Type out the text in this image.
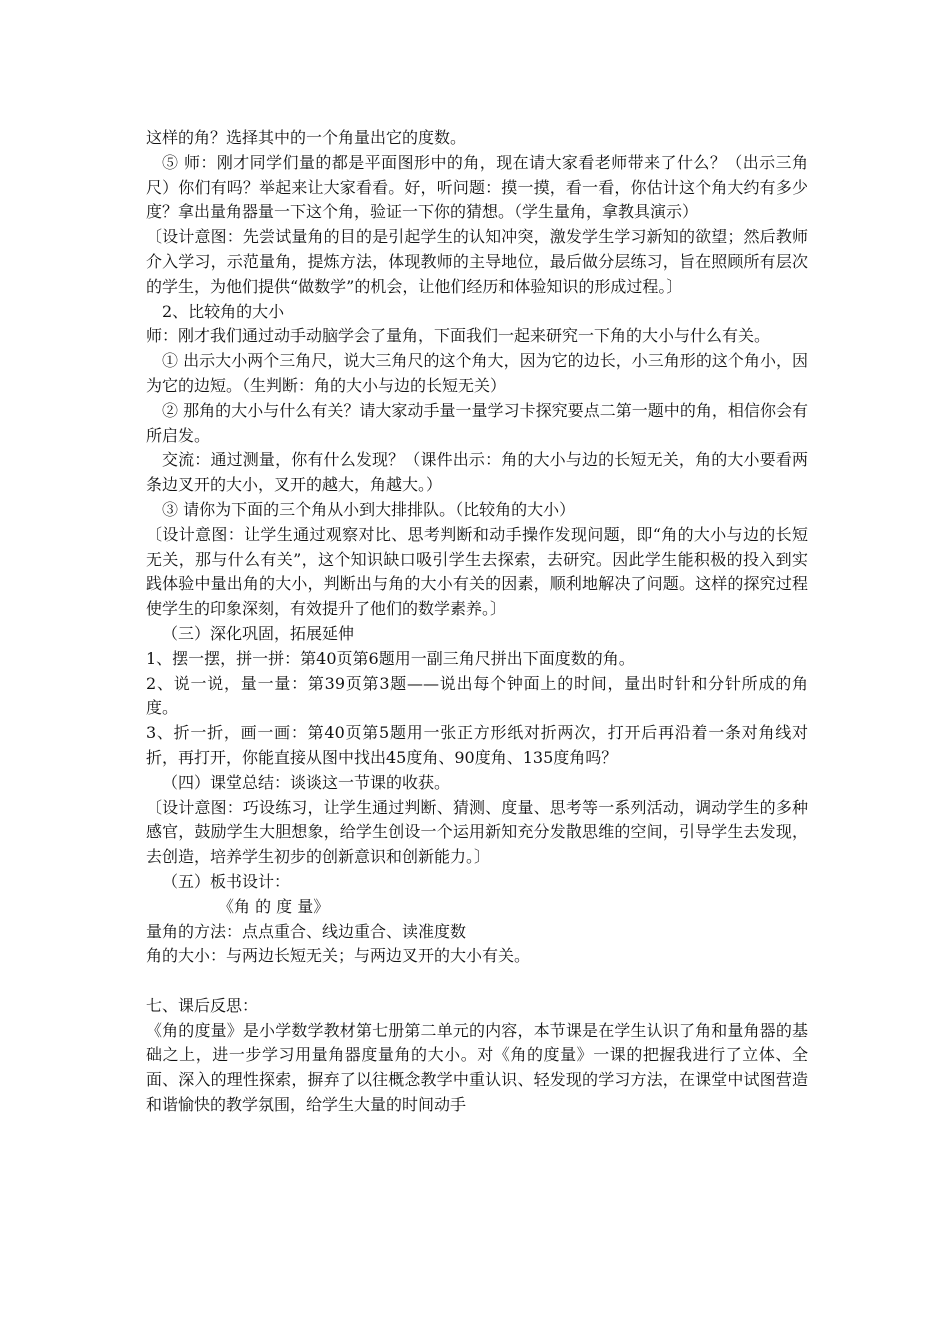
这样的角？选择其中的一个角量出它的度数。

⑤ 师：刚才同学们量的都是平面图形中的角，现在请大家看老师带来了什么？（出示三角尺）你们有吗？举起来让大家看看。好，听问题：摸一摸，看一看，你估计这个角大约有多少度？拿出量角器量一下这个角，验证一下你的猜想。（学生量角，拿教具演示）

〔设计意图：先尝试量角的目的是引起学生的认知冲突，激发学生学习新知的欲望；然后教师介入学习，示范量角，提炼方法，体现教师的主导地位，最后做分层练习，旨在照顾所有层次的学生，为他们提供“做数学”的机会，让他们经历和体验知识的形成过程。〕

2、比较角的大小

师：刚才我们通过动手动脑学会了量角，下面我们一起来研究一下角的大小与什么有关。

① 出示大小两个三角尺，说大三角尺的这个角大，因为它的边长，小三角形的这个角小，因为它的边短。（生判断：角的大小与边的长短无关）

② 那角的大小与什么有关？请大家动手量一量学习卡探究要点二第一题中的角，相信你会有所启发。

交流：通过测量，你有什么发现？（课件出示：角的大小与边的长短无关，角的大小要看两条边叉开的大小，叉开的越大，角越大。）

③ 请你为下面的三个角从小到大排排队。（比较角的大小）

〔设计意图：让学生通过观察对比、思考判断和动手操作发现问题，即“角的大小与边的长短无关，那与什么有关”，这个知识缺口吸引学生去探索，去研究。因此学生能积极的投入到实践体验中量出角的大小，判断出与角的大小有关的因素，顺利地解决了问题。这样的探究过程使学生的印象深刻，有效提升了他们的数学素养。〕

（三）深化巩固，拓展延伸

1、摆一摆，拼一拼：第40页第6题用一副三角尺拼出下面度数的角。

2、说一说，量一量：第39页第3题——说出每个钟面上的时间，量出时针和分针所成的角度。

3、折一折，画一画：第40页第5题用一张正方形纸对折两次，打开后再沿着一条对角线对折，再打开，你能直接从图中找出45度角、90度角、135度角吗？

（四）课堂总结：谈谈这一节课的收获。

〔设计意图：巧设练习，让学生通过判断、猜测、度量、思考等一系列活动，调动学生的多种感官，鼓励学生大胆想象，给学生创设一个运用新知充分发散思维的空间，引导学生去发现，去创造，培养学生初步的创新意识和创新能力。〕

（五）板书设计：

《角 的 度 量》

量角的方法：点点重合、线边重合、读准度数

角的大小：与两边长短无关；与两边叉开的大小有关。

七、课后反思：

《角的度量》是小学数学教材第七册第二单元的内容，本节课是在学生认识了角和量角器的基础之上，进一步学习用量角器度量角的大小。对《角的度量》一课的把握我进行了立体、全面、深入的理性探索，摒弃了以往概念教学中重认识、轻发现的学习方法，在课堂中试图营造和谐愉快的教学氛围，给学生大量的时间动手
